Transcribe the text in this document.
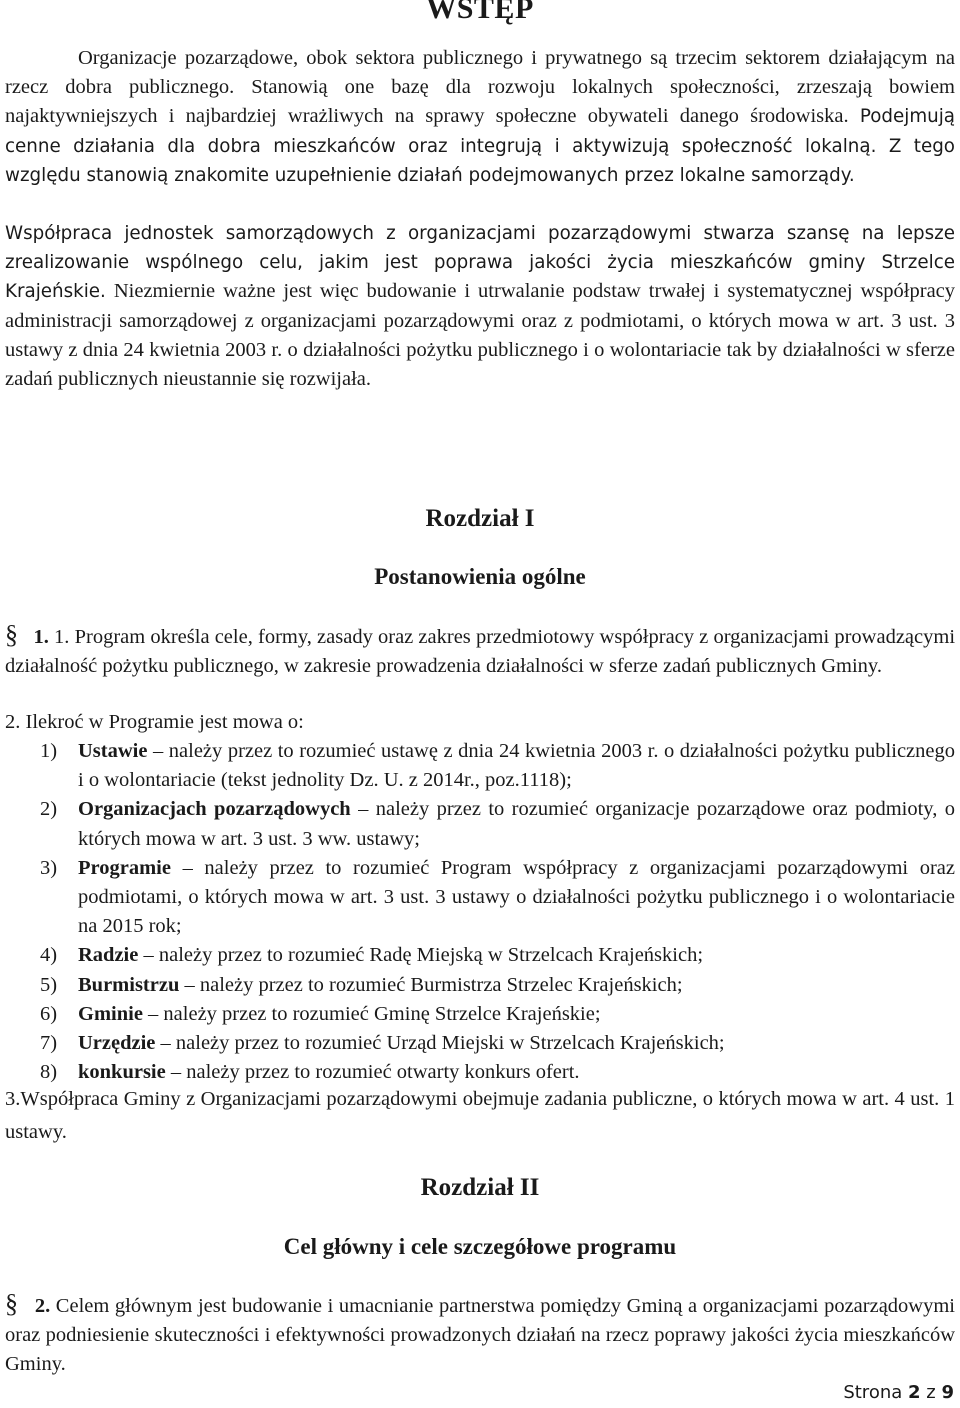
WSTĘP
Organizacje pozarządowe, obok sektora publicznego i prywatnego są trzecim sektorem działającym na rzecz dobra publicznego. Stanowią one bazę dla rozwoju lokalnych społeczności, zrzeszają bowiem najaktywniejszych i najbardziej wrażliwych na sprawy społeczne obywateli danego środowiska. Podejmują cenne działania dla dobra mieszkańców oraz integrują i aktywizują społeczność lokalną. Z tego względu stanowią znakomite uzupełnienie działań podejmowanych przez lokalne samorządy.
Współpraca jednostek samorządowych z organizacjami pozarządowymi stwarza szansę na lepsze zrealizowanie wspólnego celu, jakim jest poprawa jakości życia mieszkańców gminy Strzelce Krajeńskie. Niezmiernie ważne jest więc budowanie i utrwalanie podstaw trwałej i systematycznej współpracy administracji samorządowej z organizacjami pozarządowymi oraz z podmiotami, o których mowa w art. 3 ust. 3 ustawy z dnia 24 kwietnia 2003 r. o działalności pożytku publicznego i o wolontariacie tak by działalności w sferze zadań publicznych nieustannie się rozwijała.
Rozdział I
Postanowienia ogólne
§ 1. 1. Program określa cele, formy, zasady oraz zakres przedmiotowy współpracy z organizacjami prowadzącymi działalność pożytku publicznego, w zakresie prowadzenia działalności w sferze zadań publicznych Gminy.
2. Ilekroć w Programie jest mowa o:
1)	Ustawie – należy przez to rozumieć ustawę z dnia 24 kwietnia 2003 r. o działalności pożytku publicznego i o wolontariacie (tekst jednolity Dz. U. z 2014r., poz.1118);
2)	Organizacjach pozarządowych – należy przez to rozumieć organizacje pozarządowe oraz podmioty, o których mowa w art. 3 ust. 3 ww. ustawy;
3)	Programie – należy przez to rozumieć Program współpracy z organizacjami pozarządowymi oraz podmiotami, o których mowa w art. 3 ust. 3 ustawy o działalności pożytku publicznego i o wolontariacie na 2015 rok;
4)	Radzie – należy przez to rozumieć Radę Miejską w Strzelcach Krajeńskich;
5)	Burmistrzu – należy przez to rozumieć Burmistrza Strzelec Krajeńskich;
6)	Gminie – należy przez to rozumieć Gminę Strzelce Krajeńskie;
7)	Urzędzie – należy przez to rozumieć Urząd Miejski w Strzelcach Krajeńskich;
8)	konkursie – należy przez to rozumieć otwarty konkurs ofert.
3.Współpraca Gminy z Organizacjami pozarządowymi obejmuje zadania publiczne, o których mowa w art. 4 ust. 1 ustawy.
Rozdział II
Cel główny i cele szczegółowe programu
§ 2. Celem głównym jest budowanie i umacnianie partnerstwa pomiędzy Gminą a organizacjami pozarządowymi oraz podniesienie skuteczności i efektywności prowadzonych działań na rzecz poprawy jakości życia mieszkańców Gminy.
Strona 2 z 9
